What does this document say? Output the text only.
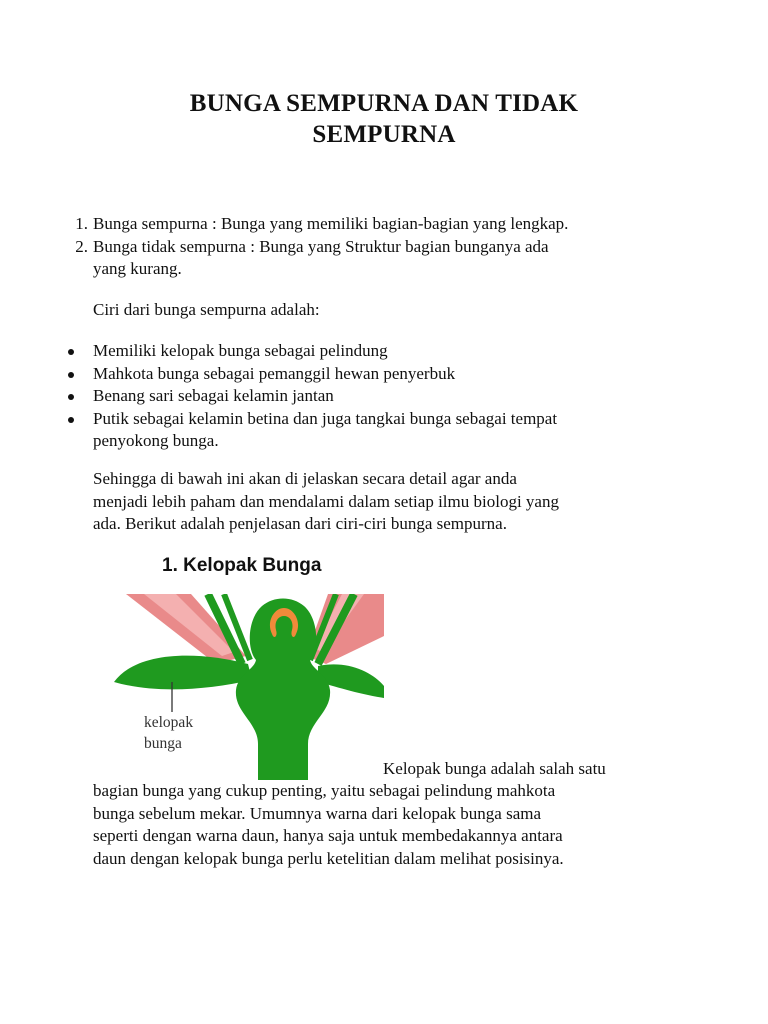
BUNGA SEMPURNA DAN TIDAK
SEMPURNA
1. Bunga sempurna : Bunga yang memiliki bagian-bagian yang lengkap.
2. Bunga tidak sempurna : Bunga yang Struktur bagian bunganya ada
yang kurang.

Ciri dari bunga sempurna adalah:

Memiliki kelopak bunga sebagai pelindung
Mahkota bunga sebagai pemanggil hewan penyerbuk
Benang sari sebagai kelamin jantan
Putik sebagai kelamin betina dan juga tangkai bunga sebagai tempat
penyokong bunga.
Sehingga di bawah ini akan di jelaskan secara detail agar anda
menjadi lebih paham dan mendalami dalam setiap ilmu biologi yang
ada. Berikut adalah penjelasan dari ciri-ciri bunga sempurna.
1. Kelopak Bunga
kelopak
bunga

Kelopak bunga adalah salah satu

bagian bunga yang cukup penting, yaitu sebagai pelindung mahkota
bunga sebelum mekar. Umumnya warna dari kelopak bunga sama
seperti dengan warna daun, hanya saja untuk membedakannya antara
daun dengan kelopak bunga perlu ketelitian dalam melihat posisinya.
